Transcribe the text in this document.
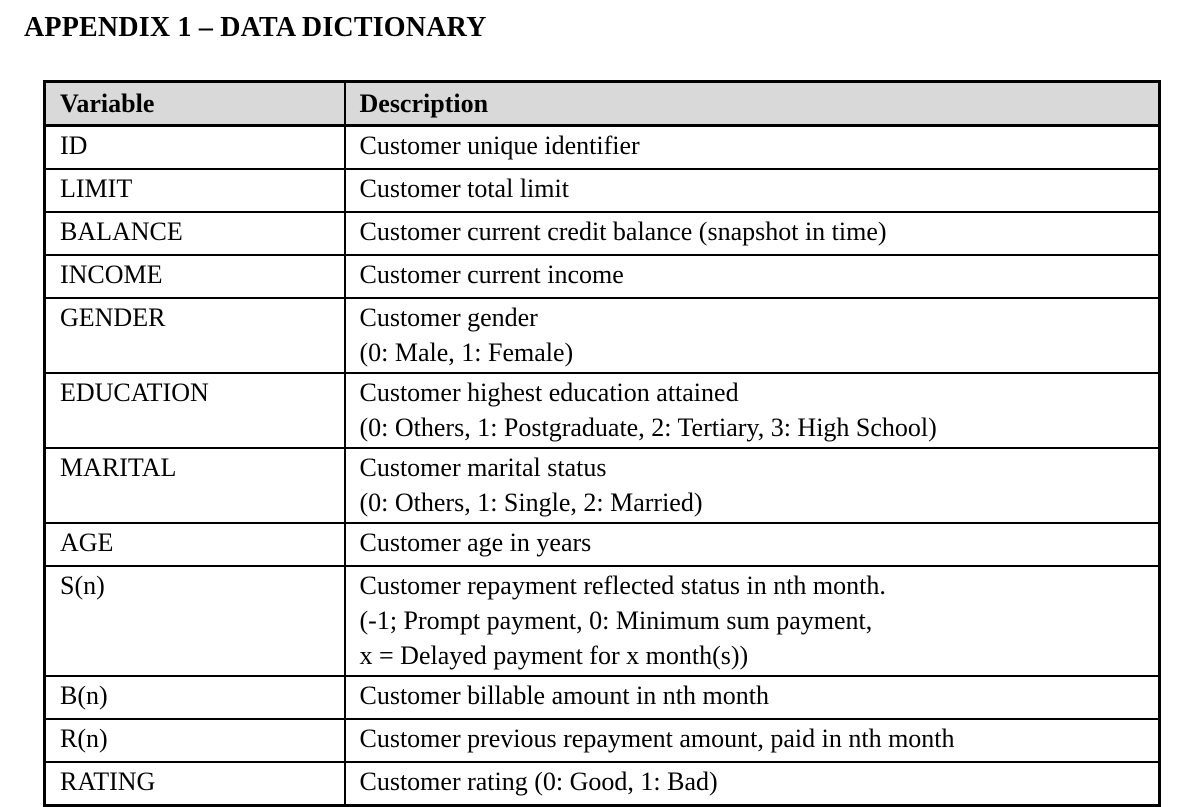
APPENDIX 1 – DATA DICTIONARY
Variable	Description
ID	Customer unique identifier

LIMIT	Customer total limit

BALANCE	Customer current credit balance (snapshot in time)

INCOME	Customer current income

GENDER	Customer gender
(0: Male, 1: Female)

EDUCATION	Customer highest education attained
(0: Others, 1: Postgraduate, 2: Tertiary, 3: High School)

MARITAL	Customer marital status
(0: Others, 1: Single, 2: Married)

AGE	Customer age in years

S(n)	Customer repayment reflected status in nth month.
(-1; Prompt payment, 0: Minimum sum payment,
x = Delayed payment for x month(s))

B(n)	Customer billable amount in nth month

R(n)	Customer previous repayment amount, paid in nth month

RATING	Customer rating (0: Good, 1: Bad)
